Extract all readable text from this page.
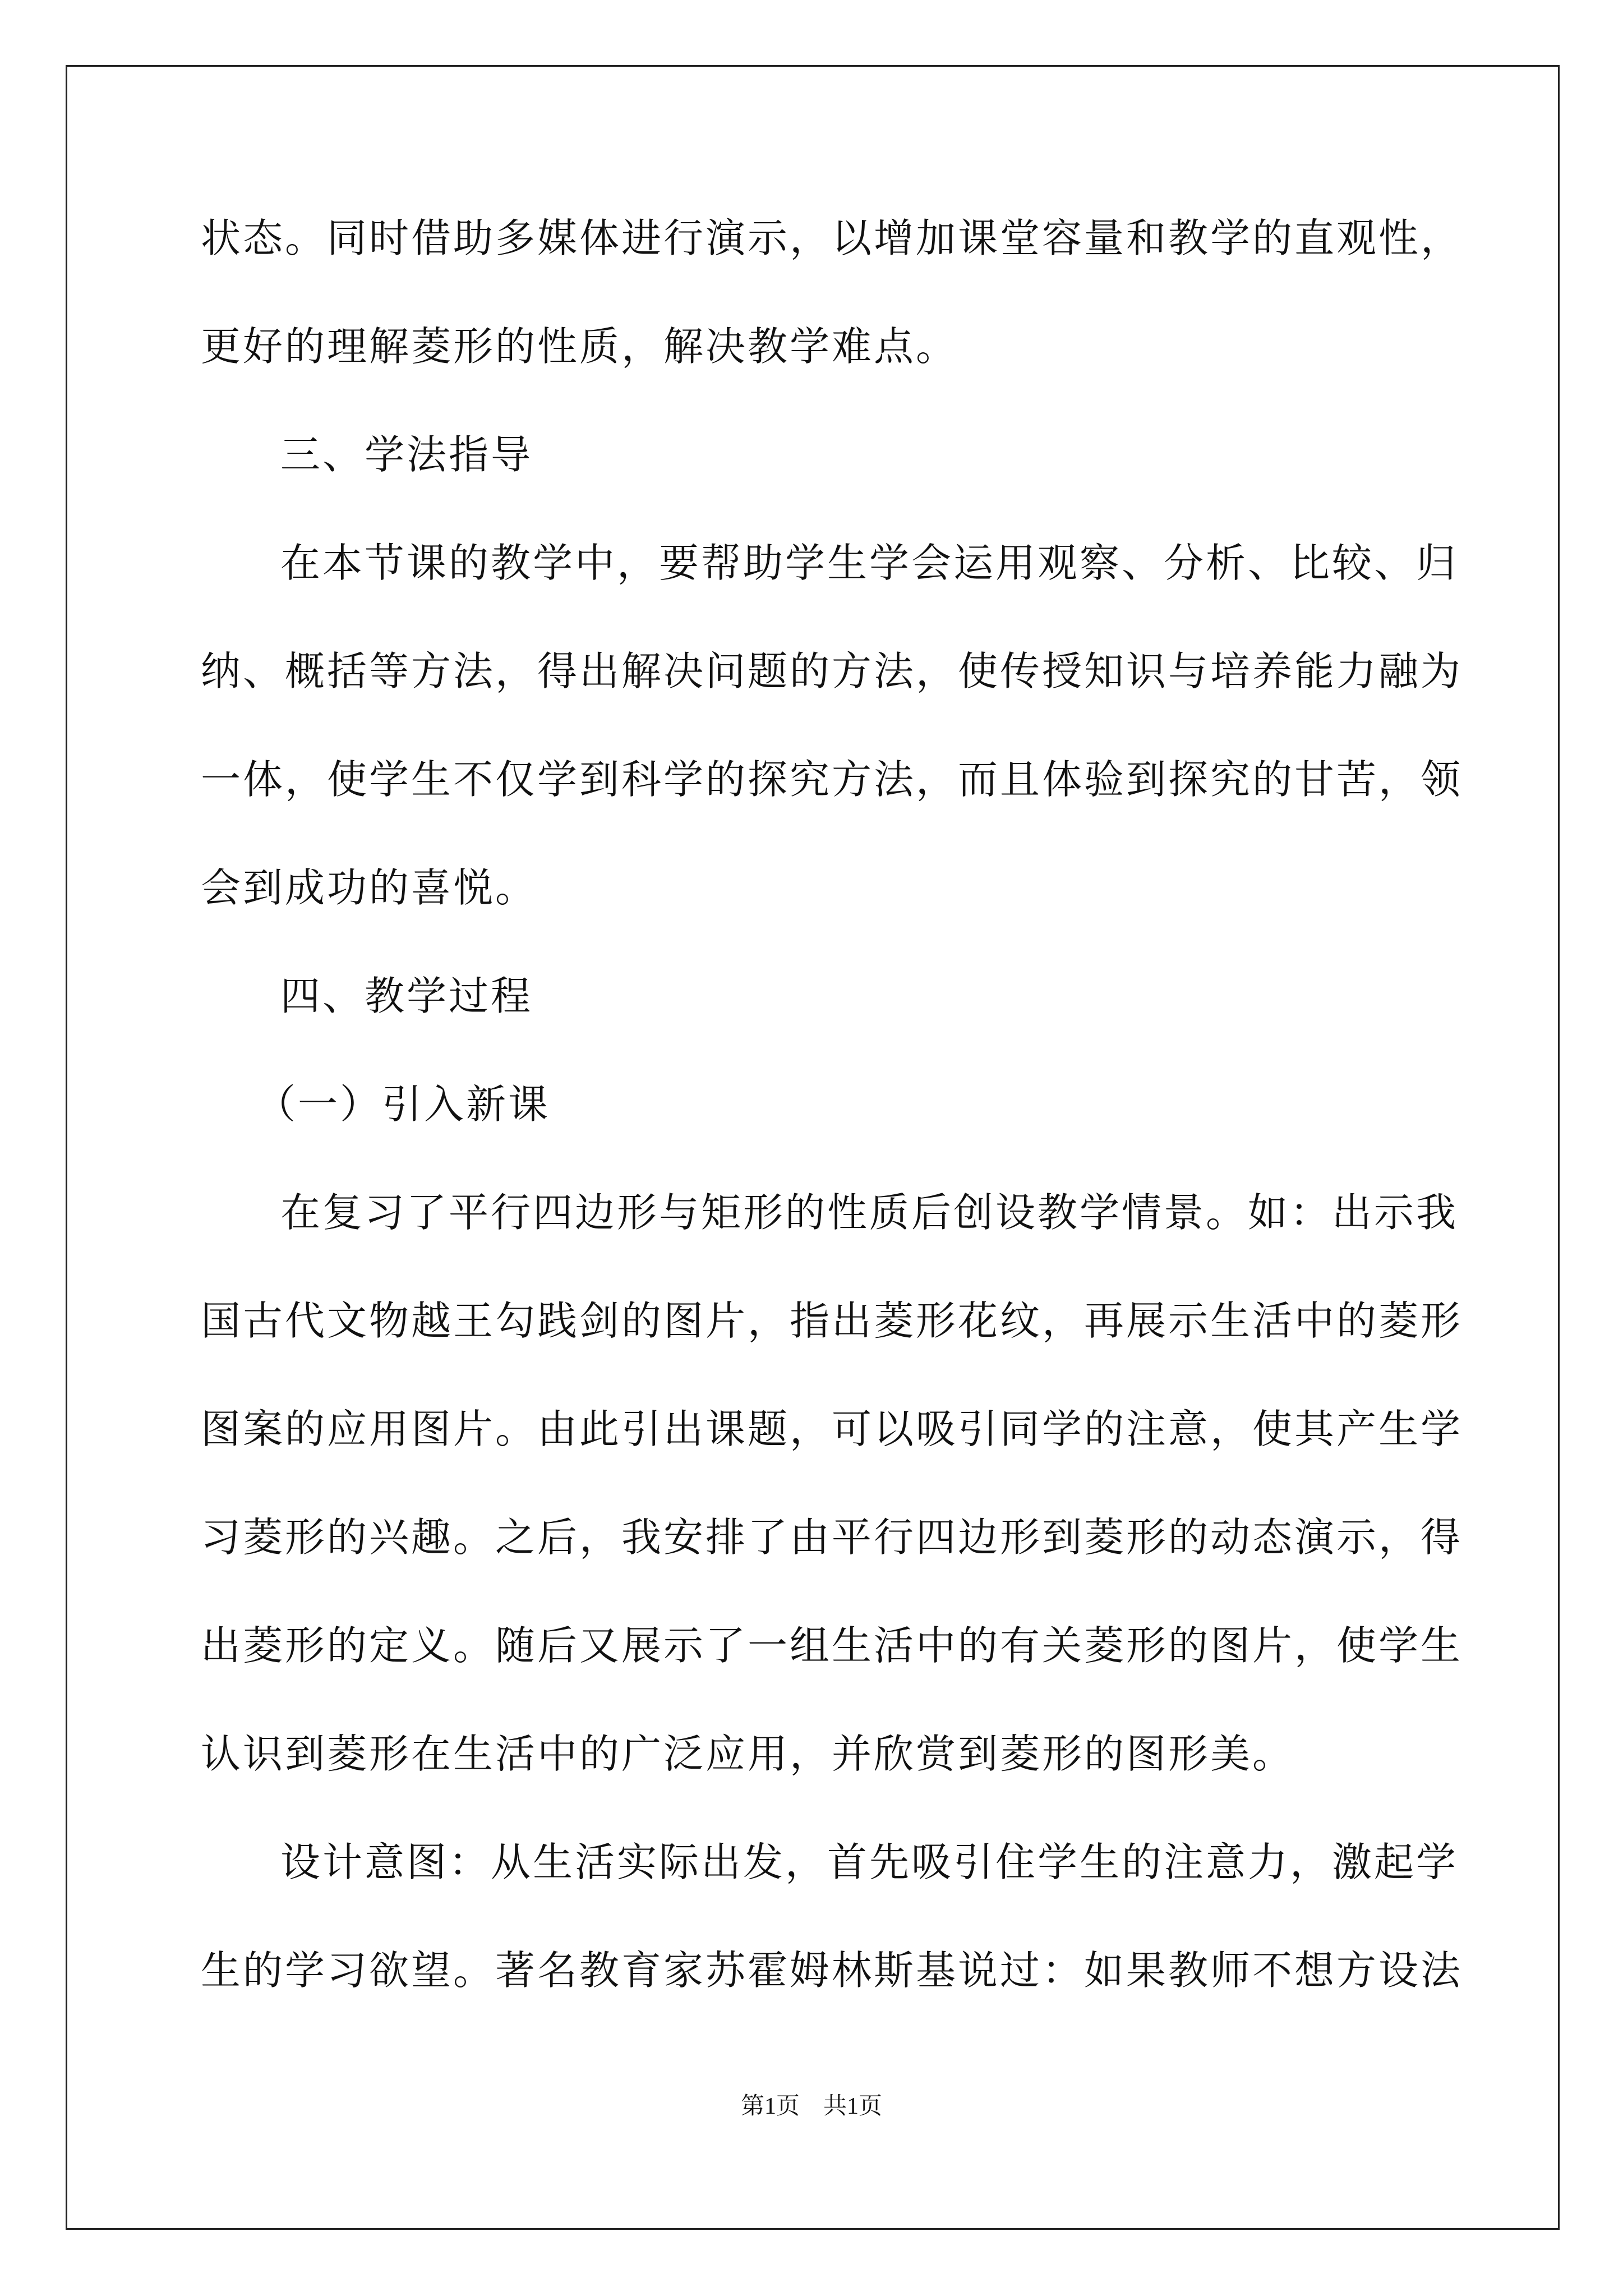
状态。同时借助多媒体进行演示，以增加课堂容量和教学的直观性，
更好的理解菱形的性质，解决教学难点。
三、学法指导
在本节课的教学中，要帮助学生学会运用观察、分析、比较、归
纳、概括等方法，得出解决问题的方法，使传授知识与培养能力融为
一体，使学生不仅学到科学的探究方法，而且体验到探究的甘苦，领
会到成功的喜悦。
四、教学过程
（一）引入新课
在复习了平行四边形与矩形的性质后创设教学情景。如：出示我
国古代文物越王勾践剑的图片，指出菱形花纹，再展示生活中的菱形
图案的应用图片。由此引出课题，可以吸引同学的注意，使其产生学
习菱形的兴趣。之后，我安排了由平行四边形到菱形的动态演示，得
出菱形的定义。随后又展示了一组生活中的有关菱形的图片，使学生
认识到菱形在生活中的广泛应用，并欣赏到菱形的图形美。
设计意图：从生活实际出发，首先吸引住学生的注意力，激起学
生的学习欲望。著名教育家苏霍姆林斯基说过：如果教师不想方设法
第1页 共1页
